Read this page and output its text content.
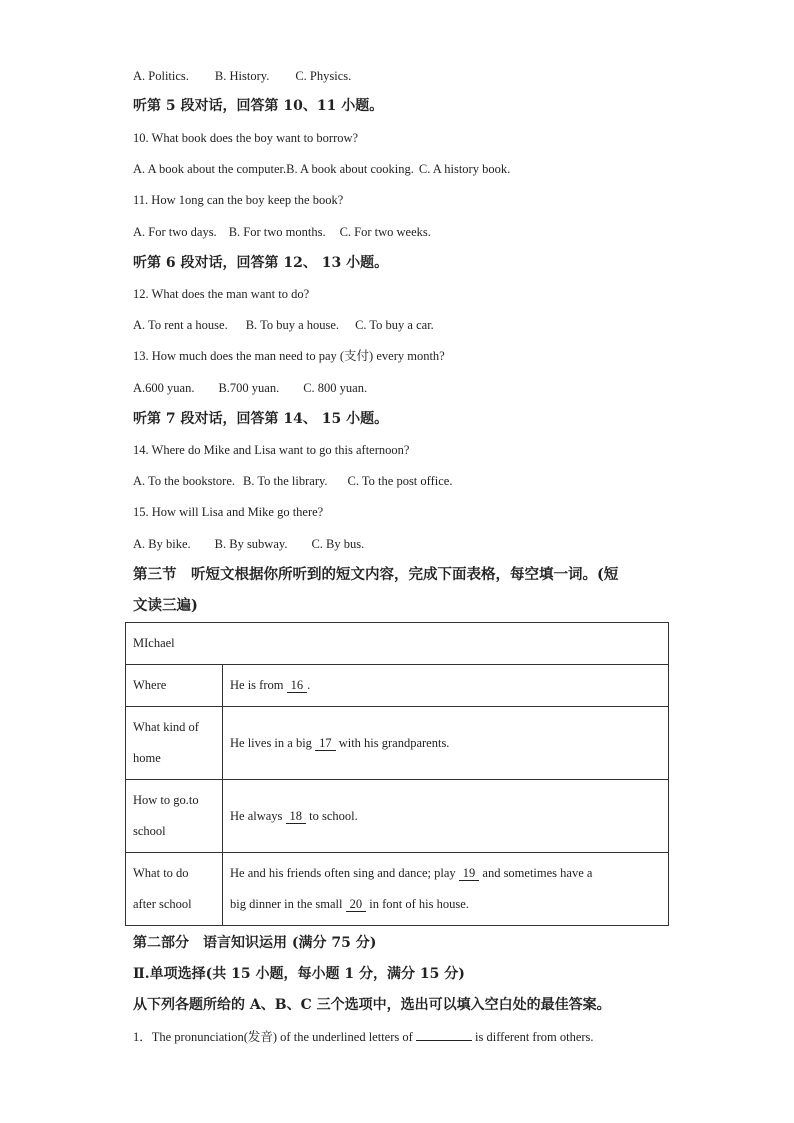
A. Politics. B. History. C. Physics.
听第 5 段对话，回答第 10、11 小题。
10. What book does the boy want to borrow?
A. A book about the computer.B. A book about cooking. C. A history book.
11. How 1ong can the boy keep the book?
A. For two days. B. For two months. C. For two weeks.
听第 6 段对话，回答第 12、 13 小题。
12. What does the man want to do?
A. To rent a house. B. To buy a house. C. To buy a car.
13. How much does the man need to pay (支付) every month?
A.600 yuan. B.700 yuan. C. 800 yuan.
听第 7 段对话，回答第 14、 15 小题。
14. Where do Mike and Lisa want to go this afternoon?
A. To the bookstore. B. To the library. C. To the post office.
15. How will Lisa and Mike go there?
A. By bike. B. By subway. C. By bus.
第三节　听短文根据你所听到的短文内容，完成下面表格，每空填一词。(短
文读三遍)
MIchael	
Where	He is from 16 .
What kind of
home	He lives in a big 17 with his grandparents.
How to go.to
school	He always 18 to school.
What to do
after school	He and his friends often sing and dance; play 19 and sometimes have a
big dinner in the small 20 in font of his house.
第二部分　语言知识运用 (满分 75 分)
Ⅱ.单项选择(共 15 小题，每小题 1 分，满分 15 分)
从下列各题所给的 A、B、C 三个选项中，选出可以填入空白处的最佳答案。
1．The pronunciation(发音) of the underlined letters of	is different from others.
